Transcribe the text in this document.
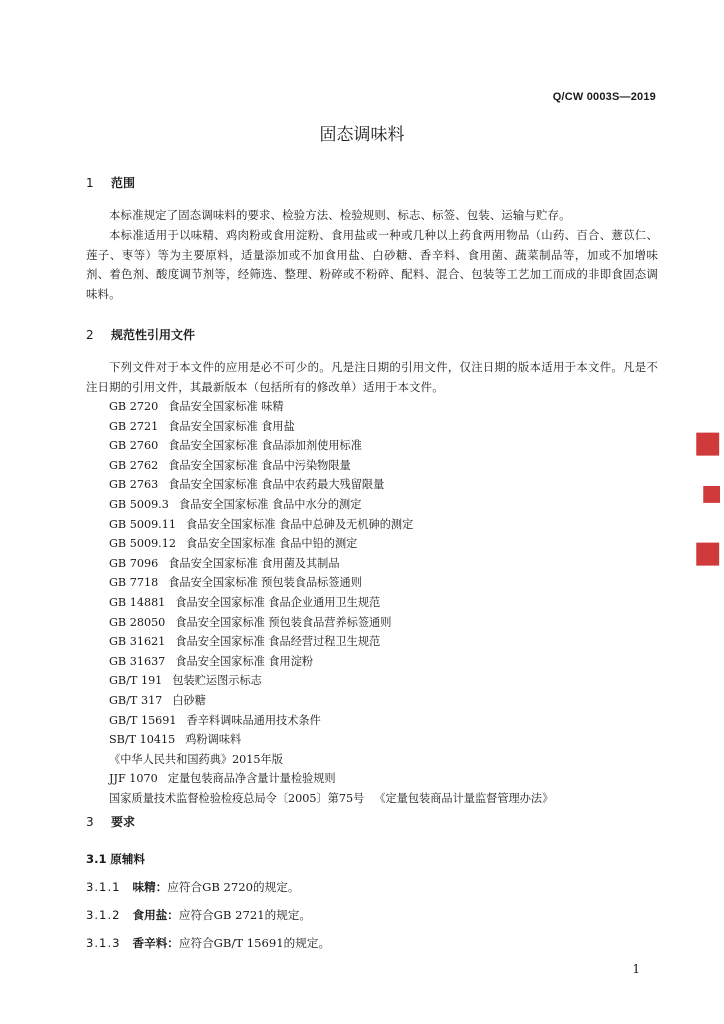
Q/CW 0003S—2019
固态调味料
1 范围
本标准规定了固态调味料的要求、检验方法、检验规则、标志、标签、包装、运输与贮存。
本标准适用于以味精、鸡肉粉或食用淀粉、食用盐或一种或几种以上药食两用物品（山药、百合、薏苡仁、莲子、枣等）等为主要原料，适量添加或不加食用盐、白砂糖、香辛料、食用菌、蔬菜制品等，加或不加增味剂、着色剂、酸度调节剂等，经筛选、整理、粉碎或不粉碎、配料、混合、包装等工艺加工而成的非即食固态调味料。
2 规范性引用文件
下列文件对于本文件的应用是必不可少的。凡是注日期的引用文件，仅注日期的版本适用于本文件。凡是不注日期的引用文件，其最新版本（包括所有的修改单）适用于本文件。
GB 2720 食品安全国家标准 味精
GB 2721 食品安全国家标准 食用盐
GB 2760 食品安全国家标准 食品添加剂使用标准
GB 2762 食品安全国家标准 食品中污染物限量
GB 2763 食品安全国家标准 食品中农药最大残留限量
GB 5009.3 食品安全国家标准 食品中水分的测定
GB 5009.11 食品安全国家标准 食品中总砷及无机砷的测定
GB 5009.12 食品安全国家标准 食品中铅的测定
GB 7096 食品安全国家标准 食用菌及其制品
GB 7718 食品安全国家标准 预包装食品标签通则
GB 14881 食品安全国家标准 食品企业通用卫生规范
GB 28050 食品安全国家标准 预包装食品营养标签通则
GB 31621 食品安全国家标准 食品经营过程卫生规范
GB 31637 食品安全国家标准 食用淀粉
GB/T 191 包装贮运图示标志
GB/T 317 白砂糖
GB/T 15691 香辛料调味品通用技术条件
SB/T 10415 鸡粉调味料
《中华人民共和国药典》2015年版
JJF 1070 定量包装商品净含量计量检验规则
国家质量技术监督检验检疫总局令〔2005〕第75号 《定量包装商品计量监督管理办法》
3 要求
3.1 原辅料
3.1.1 味精：应符合GB 2720的规定。
3.1.2 食用盐：应符合GB 2721的规定。
3.1.3 香辛料：应符合GB/T 15691的规定。
1
■
■
■
